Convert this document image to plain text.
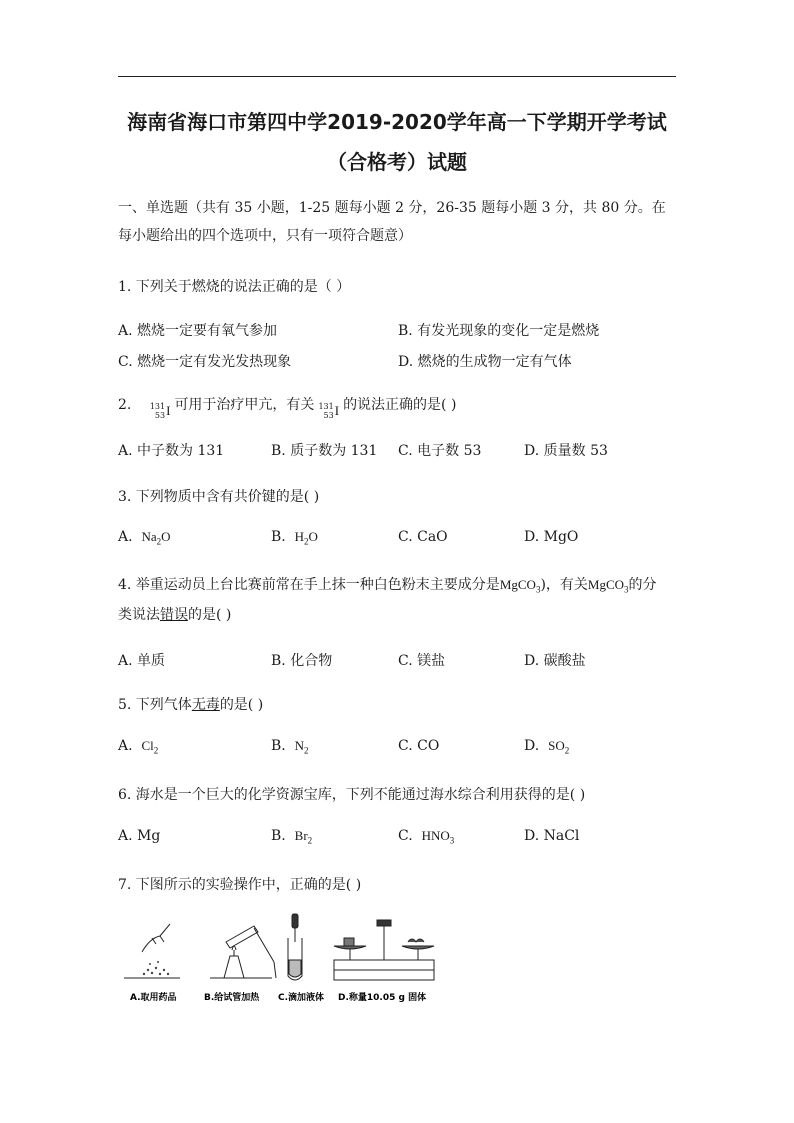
海南省海口市第四中学2019-2020学年高一下学期开学考试
（合格考）试题
一、单选题（共有 35 小题，1-25 题每小题 2 分，26-35 题每小题 3 分，共 80 分。在每小题给出的四个选项中，只有一项符合题意）
1. 下列关于燃烧的说法正确的是（ ）
A. 燃烧一定要有氧气参加	B. 有发光现象的变化一定是燃烧
C. 燃烧一定有发光发热现象	D. 燃烧的生成物一定有气体
2. 131
53 I 可用于治疗甲亢，有关 131
53 I 的说法正确的是( )
A. 中子数为 131	B. 质子数为 131 C. 电子数 53	D. 质量数 53
3. 下列物质中含有共价键的是( )
A. $Na_2O$	B. $H_2O$	C. CaO	D. MgO
4. 举重运动员上台比赛前常在手上抹一种白色粉末主要成分是MgCO$_3$)，有关MgCO$_3$的分
类说法错误的是( )
A. 单质	B. 化合物	C. 镁盐	D. 碳酸盐
5. 下列气体无毒的是( )
A. $Cl_2$	B. $N_2$	C. CO	D. $SO_2$
6. 海水是一个巨大的化学资源宝库，下列不能通过海水综合利用获得的是( )
A. Mg	B. $Br_2$	C. $HNO_3$	D. NaCl
7. 下图所示的实验操作中，正确的是( )
A.取用药品	B.给试管加热 C.滴加液体 D.称量10.05 g 固体
